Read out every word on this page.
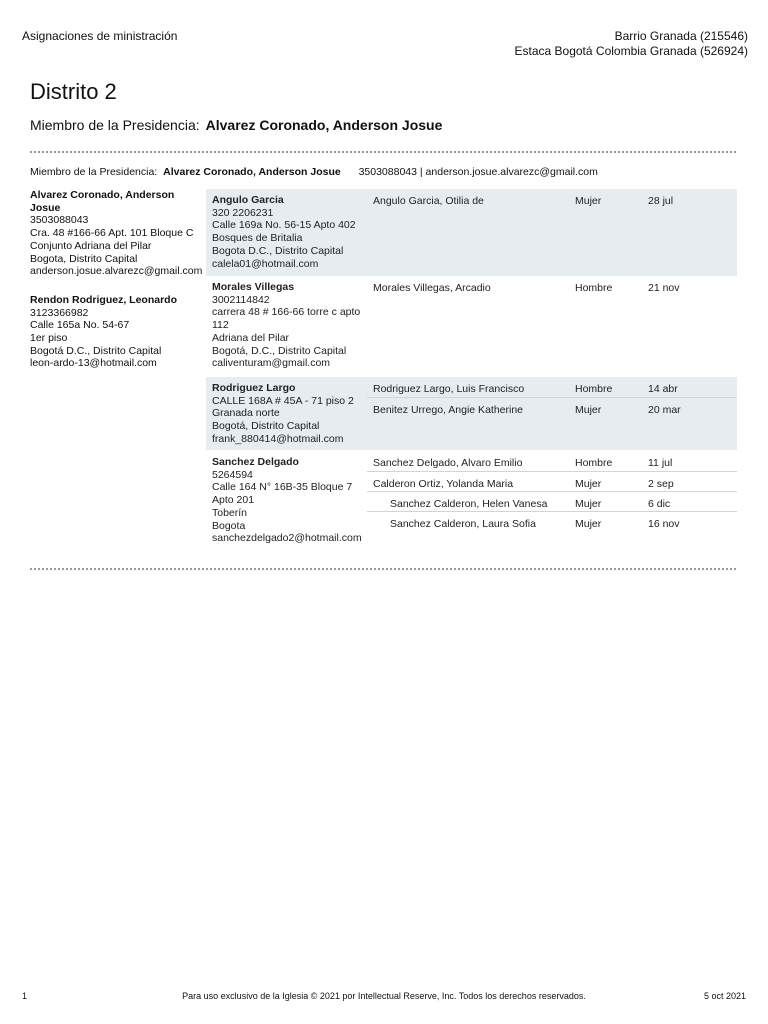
Asignaciones de ministración	Barrio Granada (215546)
Estaca Bogotá Colombia Granada (526924)
Distrito 2
Miembro de la Presidencia: Alvarez Coronado, Anderson Josue
Miembro de la Presidencia: Alvarez Coronado, Anderson Josue 3503088043 | anderson.josue.alvarezc@gmail.com
Alvarez Coronado, Anderson Josue
3503088043
Cra. 48 #166-66 Apt. 101 Bloque C
Conjunto Adriana del Pilar
Bogota, Distrito Capital
anderson.josue.alvarezc@gmail.com
Rendon Rodriguez, Leonardo
3123366982
Calle 165a No. 54-67
1er piso
Bogotá D.C., Distrito Capital
leon-ardo-13@hotmail.com
Angulo Garcia
320 2206231
Calle 169a No. 56-15 Apto 402
Bosques de Britalia
Bogota D.C., Distrito Capital
calela01@hotmail.com
Angulo Garcia, Otilia de	Mujer	28 jul
Morales Villegas
3002114842
carrera 48 # 166-66 torre c apto
112
Adriana del Pilar
Bogotá, D.C., Distrito Capital
caliventuram@gmail.com
Morales Villegas, Arcadio	Hombre	21 nov
Rodriguez Largo
CALLE 168A # 45A - 71 piso 2
Granada norte
Bogotá, Distrito Capital
frank_880414@hotmail.com
Rodriguez Largo, Luis Francisco	Hombre	14 abr
Benitez Urrego, Angie Katherine	Mujer	20 mar
Sanchez Delgado
5264594
Calle 164 N° 16B-35 Bloque 7
Apto 201
Toberín
Bogota
sanchezdelgado2@hotmail.com
Sanchez Delgado, Alvaro Emilio	Hombre	11 jul
Calderon Ortiz, Yolanda Maria	Mujer	2 sep
Sanchez Calderon, Helen Vanesa	Mujer	6 dic
Sanchez Calderon, Laura Sofia	Mujer	16 nov
1	Para uso exclusivo de la Iglesia © 2021 por Intellectual Reserve, Inc. Todos los derechos reservados.	5 oct 2021
